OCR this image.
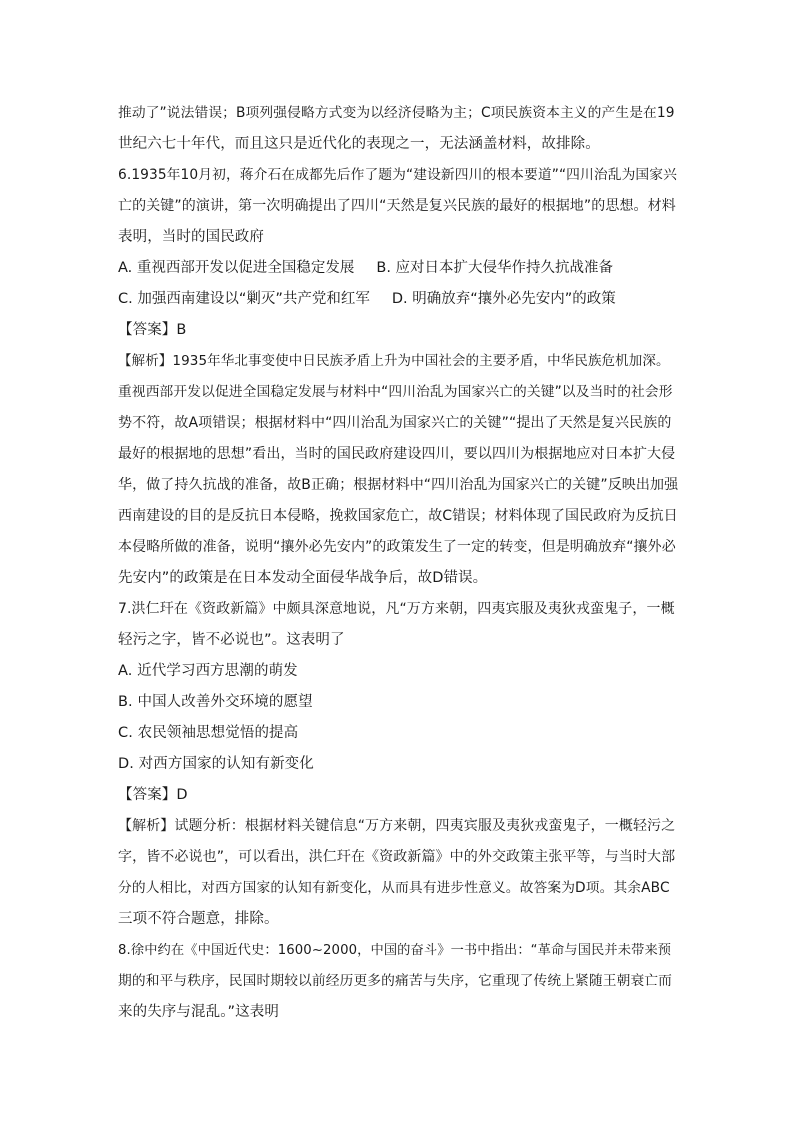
推动了”说法错误；B项列强侵略方式变为以经济侵略为主；C项民族资本主义的产生是在19
世纪六七十年代，而且这只是近代化的表现之一，无法涵盖材料，故排除。
6.1935年10月初，蒋介石在成都先后作了题为“建设新四川的根本要道”“四川治乱为国家兴
亡的关键”的演讲，第一次明确提出了四川“天然是复兴民族的最好的根据地”的思想。材料
表明，当时的国民政府
A. 重视西部开发以促进全国稳定发展 B. 应对日本扩大侵华作持久抗战准备
C. 加强西南建设以“剿灭”共产党和红军 D. 明确放弃“攘外必先安内”的政策
【答案】B
【解析】1935年华北事变使中日民族矛盾上升为中国社会的主要矛盾，中华民族危机加深。
重视西部开发以促进全国稳定发展与材料中“四川治乱为国家兴亡的关键”以及当时的社会形
势不符，故A项错误；根据材料中“四川治乱为国家兴亡的关键”“提出了天然是复兴民族的
最好的根据地的思想”看出，当时的国民政府建设四川，要以四川为根据地应对日本扩大侵
华，做了持久抗战的准备，故B正确；根据材料中“四川治乱为国家兴亡的关键”反映出加强
西南建设的目的是反抗日本侵略，挽救国家危亡，故C错误；材料体现了国民政府为反抗日
本侵略所做的准备，说明“攘外必先安内”的政策发生了一定的转变，但是明确放弃“攘外必
先安内”的政策是在日本发动全面侵华战争后，故D错误。
7.洪仁玕在《资政新篇》中颇具深意地说，凡“万方来朝，四夷宾服及夷狄戎蛮鬼子，一概
轻污之字，皆不必说也”。这表明了
A. 近代学习西方思潮的萌发
B. 中国人改善外交环境的愿望
C. 农民领袖思想觉悟的提高
D. 对西方国家的认知有新变化
【答案】D
【解析】试题分析：根据材料关键信息“万方来朝，四夷宾服及夷狄戎蛮鬼子，一概轻污之
字，皆不必说也”，可以看出，洪仁玕在《资政新篇》中的外交政策主张平等，与当时大部
分的人相比，对西方国家的认知有新变化，从而具有进步性意义。故答案为D项。其余ABC
三项不符合题意，排除。
8.徐中约在《中国近代史：1600~2000，中国的奋斗》一书中指出：“革命与国民并未带来预
期的和平与秩序，民国时期较以前经历更多的痛苦与失序，它重现了传统上紧随王朝衰亡而
来的失序与混乱。”这表明
